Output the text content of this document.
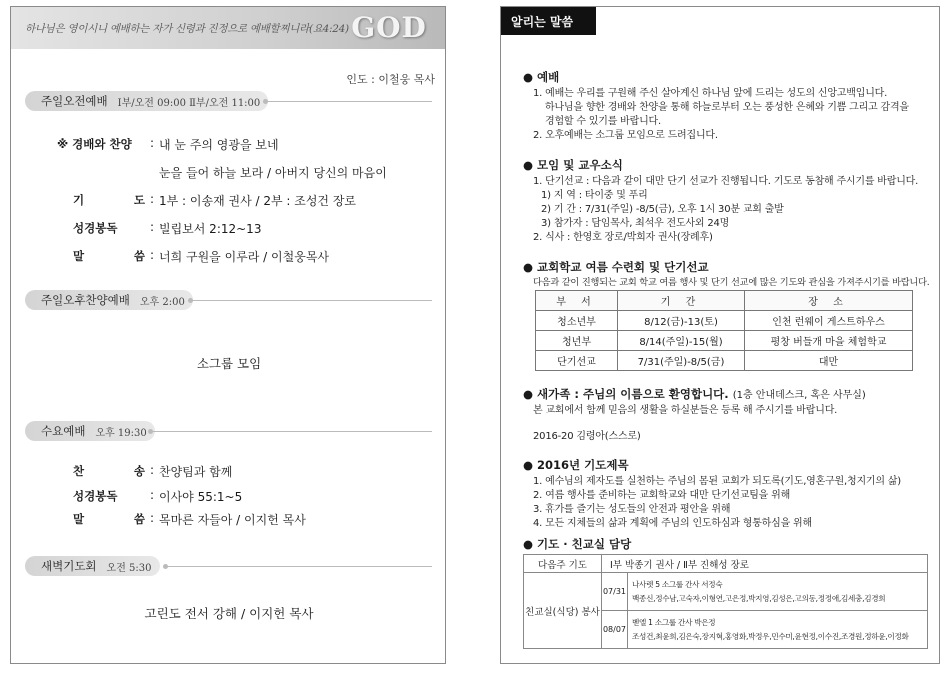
하나님은 영이시니 예배하는 자가 신령과 진정으로 예배할찌니라(요4:24) GOD
인도 : 이철웅 목사
주일오전예배 Ⅰ부/오전 09:00 Ⅱ부/오전 11:00
※ 경배와 찬양	: 내 눈 주의 영광을 보네
눈을 들어 하늘 보라 / 아버지 당신의 마음이
기 도 : 1부 : 이송재 권사 / 2부 : 조성건 장로
성경봉독	: 빌립보서 2:12~13
말 씀 : 너희 구원을 이루라 / 이철웅목사
주일오후찬양예배 오후 2:00
소그룹 모임
수요예배 오후 19:30
찬 송 : 찬양팀과 함께
성경봉독	: 이사야 55:1~5
말 씀 : 목마른 자들아 / 이지헌 목사
새벽기도회 오전 5:30
고린도 전서 강해 / 이지헌 목사
알리는 말씀
● 예배
1. 예배는 우리를 구원해 주신 살아계신 하나님 앞에 드리는 성도의 신앙고백입니다.
하나님을 향한 경배와 찬양을 통해 하늘로부터 오는 풍성한 은혜와 기쁨 그리고 감격을
경험할 수 있기를 바랍니다.
2. 오후예배는 소그룹 모임으로 드려집니다.
● 모임 및 교우소식
1. 단기선교 : 다음과 같이 대만 단기 선교가 진행됩니다. 기도로 동참해 주시기를 바랍니다.
1) 지 역 : 타이중 및 푸리
2) 기 간 : 7/31(주일) -8/5(금), 오후 1시 30분 교회 출발
3) 참가자 : 담임목사, 최석우 전도사외 24명
2. 식사 : 한영호 장로/박희자 권사(장례후)
● 교회학교 여름 수련회 및 단기선교
다음과 같이 진행되는 교회 학교 여름 행사 및 단기 선교에 많은 기도와 관심을 가져주시기를 바랍니다.
부 서	기 간	장 소
청소년부	8/12(금)-13(토)	인천 런웨이 게스트하우스
청년부	8/14(주일)-15(월)	평창 버들개 마을 체험학교
단기선교	7/31(주일)-8/5(금)	대만
● 새가족 : 주님의 이름으로 환영합니다. (1층 안내데스크, 혹은 사무실)
본 교회에서 함께 믿음의 생활을 하실분들은 등록 해 주시기를 바랍니다.
2016-20 김령아(스스로)
● 2016년 기도제목
1. 예수님의 제자도를 실천하는 주님의 몸된 교회가 되도록(기도,영혼구원,청지기의 삶)
2. 여름 행사를 준비하는 교회학교와 대만 단기선교팀을 위해
3. 휴가를 즐기는 성도들의 안전과 평안을 위해
4. 모든 지체들의 삶과 계획에 주님의 인도하심과 형통하심을 위해
● 기도 · 친교실 담당
다음주 기도	Ⅰ부 박종기 권사 / Ⅱ부 진해성 장로	
친교실(식당) 봉사	07/31	나사렛 5 소그룹 간사 서정숙
백종신,정수남,고숙자,이형연,고은정,박지영,김성은,고의동,정정애,김세충,김경희

	08/07	벧엘 1 소그룹 간사 박은정
조성건,최윤희,김은숙,장지혁,홍영화,박정우,민수미,윤현정,이수진,조경원,정하윤,이정화
